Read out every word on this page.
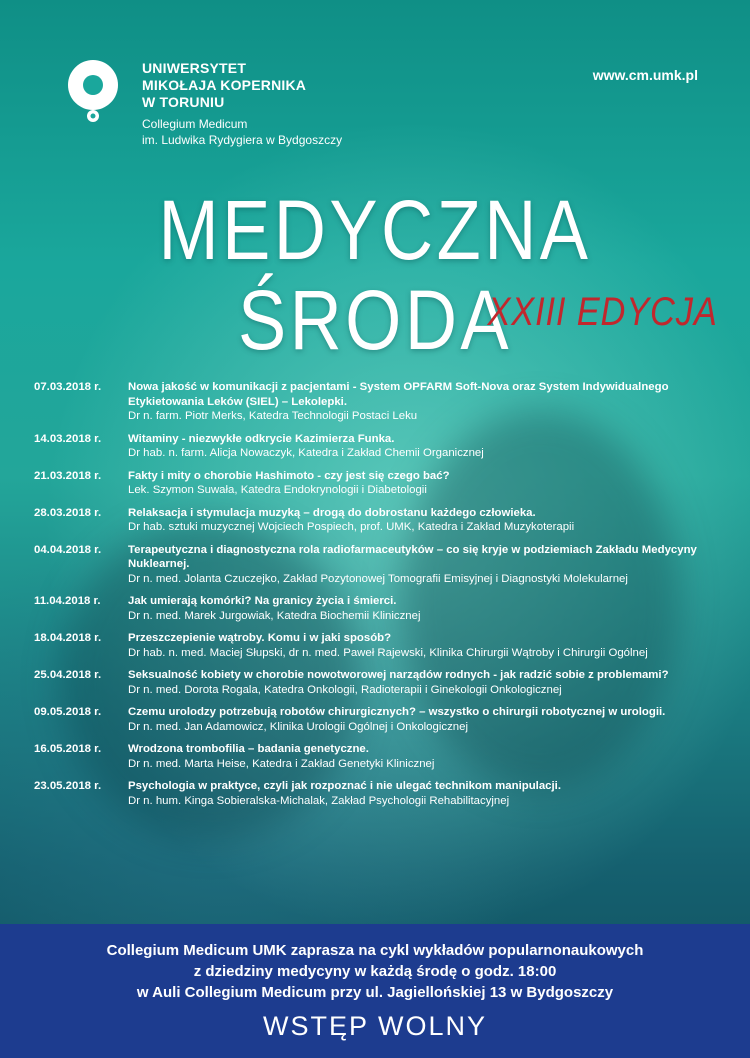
UNIWERSYTET
MIKOŁAJA KOPERNIKA
W TORUNIU
Collegium Medicum
im. Ludwika Rydygiera w Bydgoszczy
www.cm.umk.pl
MEDYCZNA ŚRODA
XXIII EDYCJA
07.03.2018 r. Nowa jakość w komunikacji z pacjentami - System OPFARM Soft-Nova oraz System Indywidualnego Etykietowania Leków (SIEL) – Lekolepki.
Dr n. farm. Piotr Merks, Katedra Technologii Postaci Leku
14.03.2018 r. Witaminy - niezwykłe odkrycie Kazimierza Funka.
Dr hab. n. farm. Alicja Nowaczyk, Katedra i Zakład Chemii Organicznej
21.03.2018 r. Fakty i mity o chorobie Hashimoto - czy jest się czego bać?
Lek. Szymon Suwała, Katedra Endokrynologii i Diabetologii
28.03.2018 r. Relaksacja i stymulacja muzyką – drogą do dobrostanu każdego człowieka.
Dr hab. sztuki muzycznej Wojciech Pospiech, prof. UMK, Katedra i Zakład Muzykoterapii
04.04.2018 r. Terapeutyczna i diagnostyczna rola radiofarmaceutyków – co się kryje w podziemiach Zakładu Medycyny Nuklearnej.
Dr n. med. Jolanta Czuczejko, Zakład Pozytonowej Tomografii Emisyjnej i Diagnostyki Molekularnej
11.04.2018 r. Jak umierają komórki? Na granicy życia i śmierci.
Dr n. med. Marek Jurgowiak, Katedra Biochemii Klinicznej
18.04.2018 r. Przeszczepienie wątroby. Komu i w jaki sposób?
Dr hab. n. med. Maciej Słupski, dr n. med. Paweł Rajewski, Klinika Chirurgii Wątroby i Chirurgii Ogólnej
25.04.2018 r. Seksualność kobiety w chorobie nowotworowej narządów rodnych - jak radzić sobie z problemami?
Dr n. med. Dorota Rogala, Katedra Onkologii, Radioterapii i Ginekologii Onkologicznej
09.05.2018 r. Czemu urolodzy potrzebują robotów chirurgicznych? – wszystko o chirurgii robotycznej w urologii.
Dr n. med. Jan Adamowicz, Klinika Urologii Ogólnej i Onkologicznej
16.05.2018 r. Wrodzona trombofilia – badania genetyczne.
Dr n. med. Marta Heise, Katedra i Zakład Genetyki Klinicznej
23.05.2018 r. Psychologia w praktyce, czyli jak rozpoznać i nie ulegać technikom manipulacji.
Dr n. hum. Kinga Sobieralska-Michalak, Zakład Psychologii Rehabilitacyjnej
Collegium Medicum UMK zaprasza na cykl wykładów popularnonaukowych
z dziedziny medycyny w każdą środę o godz. 18:00
w Auli Collegium Medicum przy ul. Jagiellońskiej 13 w Bydgoszczy
WSTĘP WOLNY
